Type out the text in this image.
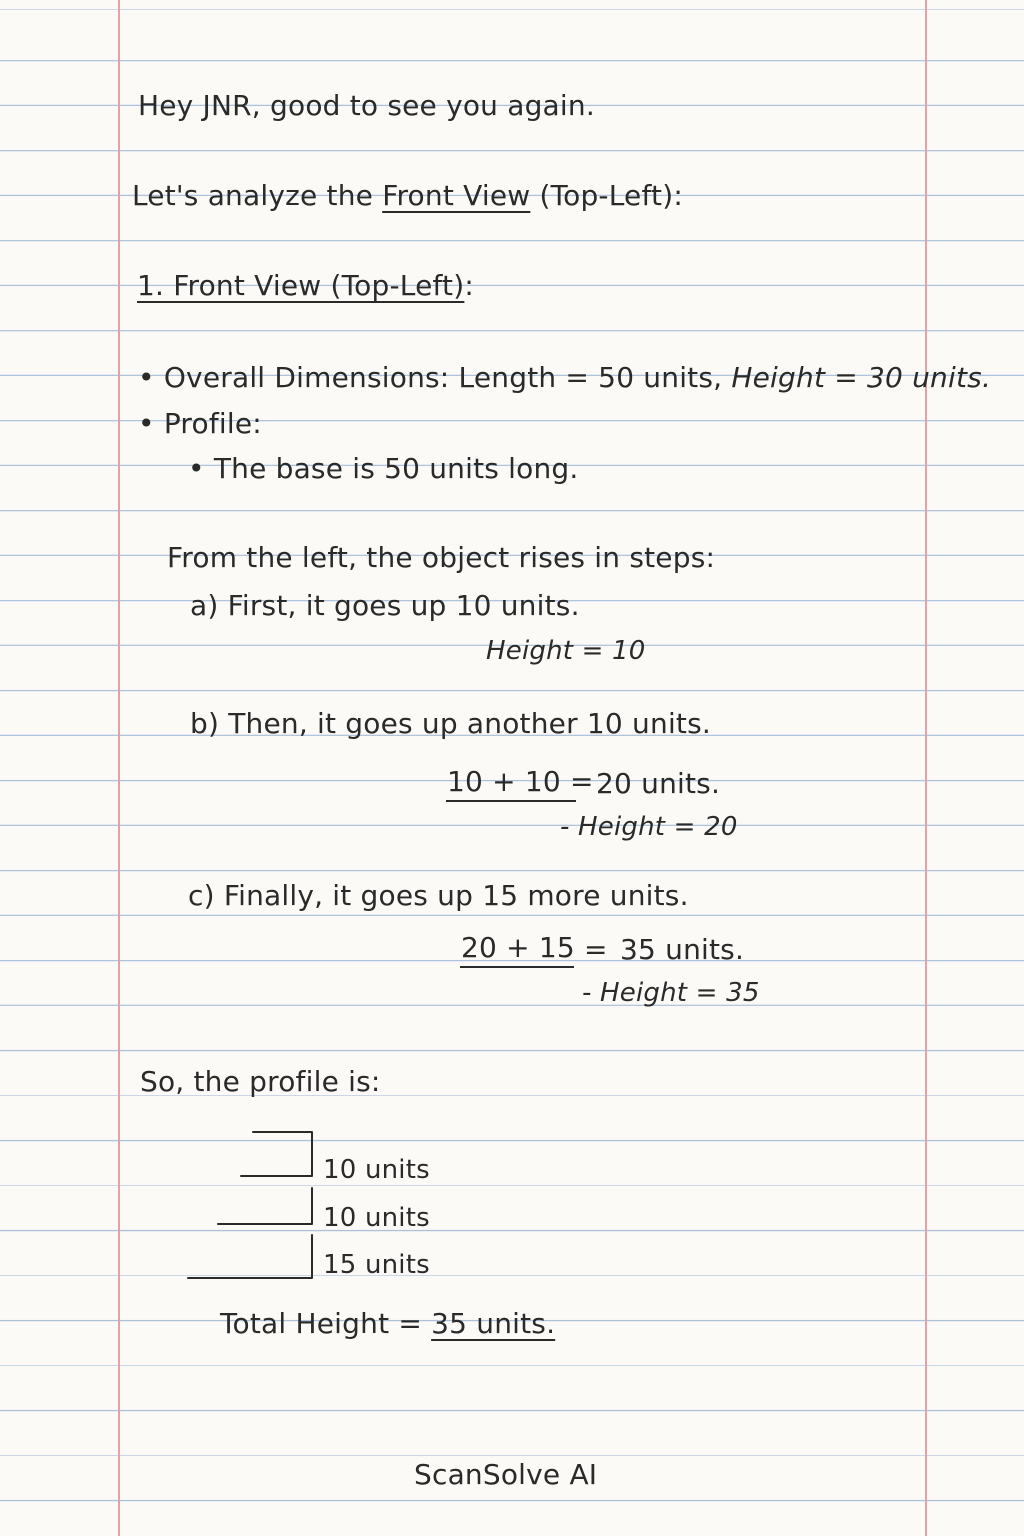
Hey JNR, good to see you again.
Let's analyze the Front View (Top-Left):
1. Front View (Top-Left):
• Overall Dimensions: Length = 50 units, Height = 30 units.
• Profile:
• The base is 50 units long.
From the left, the object rises in steps:
a) First, it goes up 10 units.
Height = 10
b) Then, it goes up another 10 units.
10 + 10 = 20 units.
- Height = 20
c) Finally, it goes up 15 more units.
20 + 15 = 35 units.
- Height = 35
So, the profile is:
10 units
10 units
15 units
Total Height = 35 units.
ScanSolve AI
